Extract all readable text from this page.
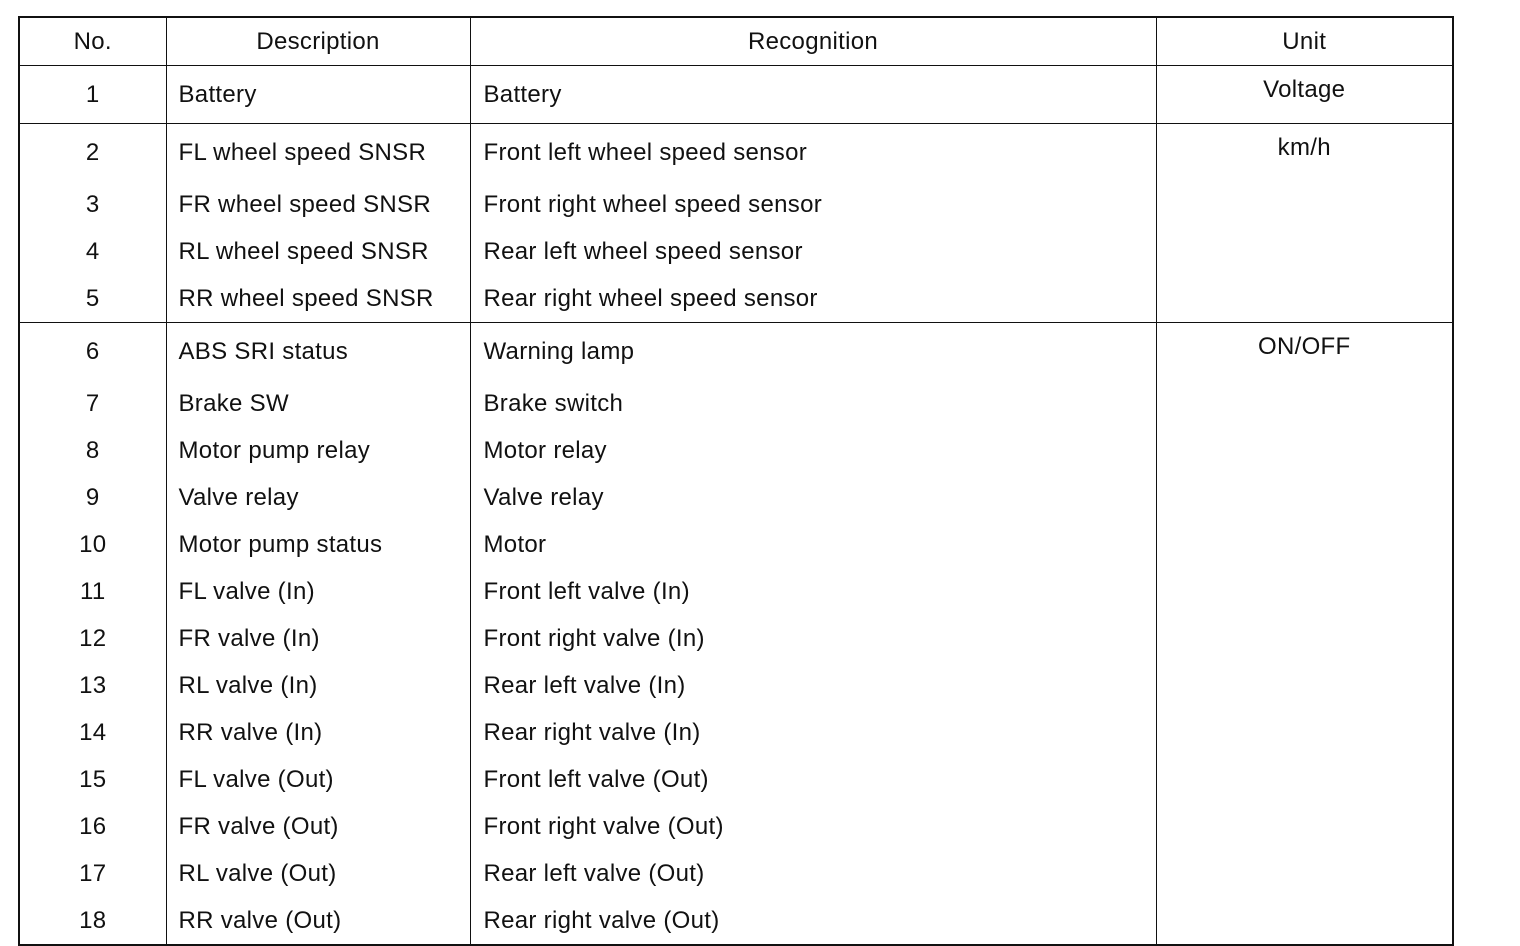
No.	Description	Recognition	Unit
1	Battery	Battery	Voltage
2	FL wheel speed SNSR	Front left wheel speed sensor	km/h
3	FR wheel speed SNSR	Front right wheel speed sensor	
4	RL wheel speed SNSR	Rear left wheel speed sensor	
5	RR wheel speed SNSR	Rear right wheel speed sensor	
6	ABS SRI status	Warning lamp	ON/OFF
7	Brake SW	Brake switch	
8	Motor pump relay	Motor relay	
9	Valve relay	Valve relay	
10	Motor pump status	Motor	
11	FL valve (In)	Front left valve (In)	
12	FR valve (In)	Front right valve (In)	
13	RL valve (In)	Rear left valve (In)	
14	RR valve (In)	Rear right valve (In)	
15	FL valve (Out)	Front left valve (Out)	
16	FR valve (Out)	Front right valve (Out)	
17	RL valve (Out)	Rear left valve (Out)	
18	RR valve (Out)	Rear right valve (Out)	
